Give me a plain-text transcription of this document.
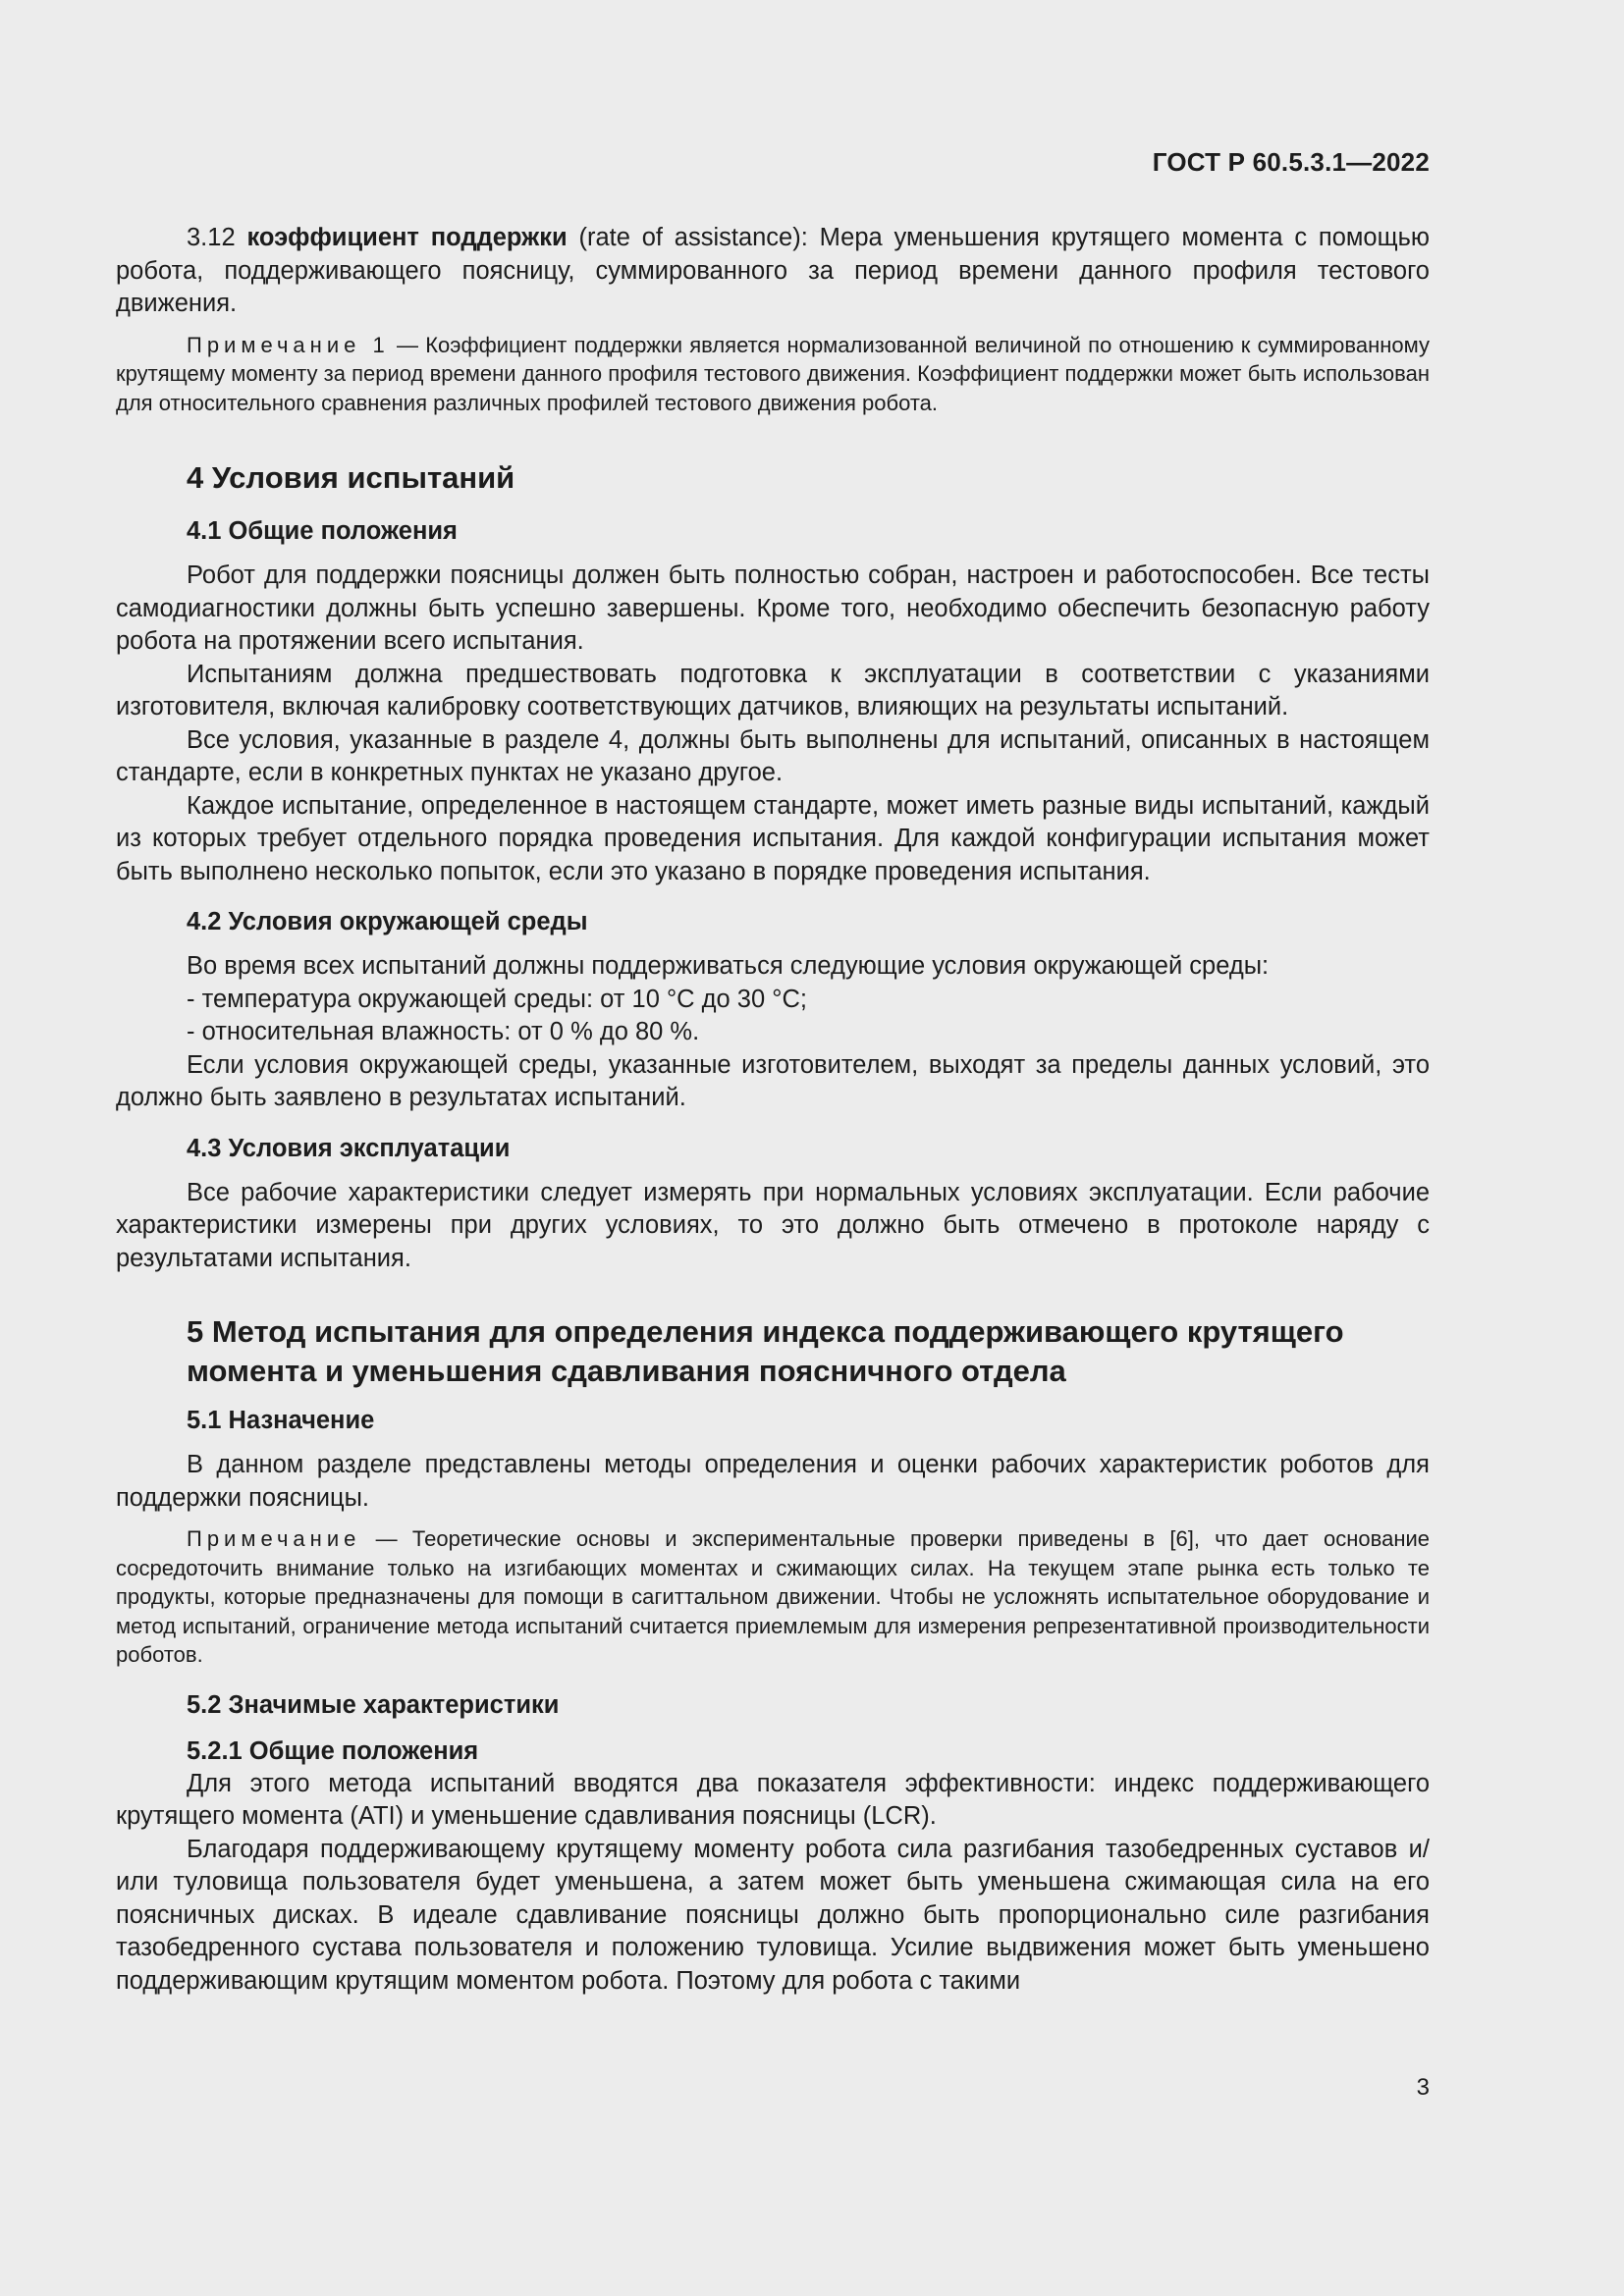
ГОСТ Р 60.5.3.1—2022

3.12 коэффициент поддержки (rate of assistance): Мера уменьшения крутящего момента с помощью робота, поддерживающего поясницу, суммированного за период времени данного профиля тестового движения.

Примечание 1 — Коэффициент поддержки является нормализованной величиной по отношению к суммированному крутящему моменту за период времени данного профиля тестового движения. Коэффициент поддержки может быть использован для относительного сравнения различных профилей тестового движения робота.

4 Условия испытаний
4.1 Общие положения

Робот для поддержки поясницы должен быть полностью собран, настроен и работоспособен. Все тесты самодиагностики должны быть успешно завершены. Кроме того, необходимо обеспечить безопасную работу робота на протяжении всего испытания.

Испытаниям должна предшествовать подготовка к эксплуатации в соответствии с указаниями изготовителя, включая калибровку соответствующих датчиков, влияющих на результаты испытаний.

Все условия, указанные в разделе 4, должны быть выполнены для испытаний, описанных в настоящем стандарте, если в конкретных пунктах не указано другое.

Каждое испытание, определенное в настоящем стандарте, может иметь разные виды испытаний, каждый из которых требует отдельного порядка проведения испытания. Для каждой конфигурации испытания может быть выполнено несколько попыток, если это указано в порядке проведения испытания.

4.2 Условия окружающей среды

Во время всех испытаний должны поддерживаться следующие условия окружающей среды:

- температура окружающей среды: от 10 °С до 30 °С;
- относительная влажность: от 0 % до 80 %.

Если условия окружающей среды, указанные изготовителем, выходят за пределы данных условий, это должно быть заявлено в результатах испытаний.

4.3 Условия эксплуатации

Все рабочие характеристики следует измерять при нормальных условиях эксплуатации. Если рабочие характеристики измерены при других условиях, то это должно быть отмечено в протоколе наряду с результатами испытания.

5 Метод испытания для определения индекса поддерживающего крутящего момента и уменьшения сдавливания поясничного отдела
5.1 Назначение

В данном разделе представлены методы определения и оценки рабочих характеристик роботов для поддержки поясницы.

Примечание — Теоретические основы и экспериментальные проверки приведены в [6], что дает основание сосредоточить внимание только на изгибающих моментах и сжимающих силах. На текущем этапе рынка есть только те продукты, которые предназначены для помощи в сагиттальном движении. Чтобы не усложнять испытательное оборудование и метод испытаний, ограничение метода испытаний считается приемлемым для измерения репрезентативной производительности роботов.

5.2 Значимые характеристики
5.2.1 Общие положения

Для этого метода испытаний вводятся два показателя эффективности: индекс поддерживающего крутящего момента (ATI) и уменьшение сдавливания поясницы (LCR).

Благодаря поддерживающему крутящему моменту робота сила разгибания тазобедренных суставов и/или туловища пользователя будет уменьшена, а затем может быть уменьшена сжимающая сила на его поясничных дисках. В идеале сдавливание поясницы должно быть пропорционально силе разгибания тазобедренного сустава пользователя и положению туловища. Усилие выдвижения может быть уменьшено поддерживающим крутящим моментом робота. Поэтому для робота с такими

3
